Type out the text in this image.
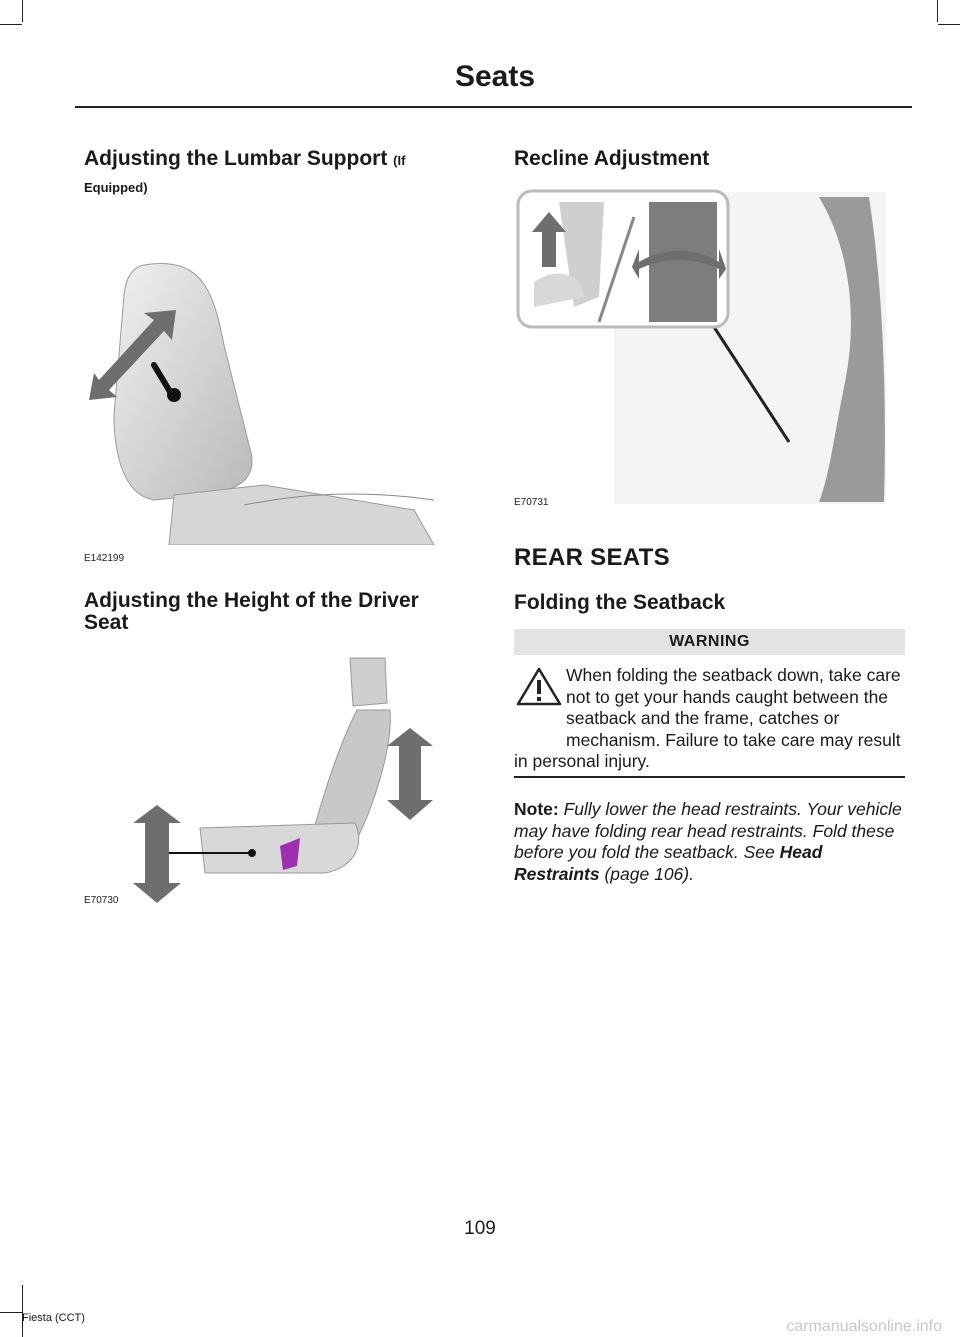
Seats
Adjusting the Lumbar Support (If
Equipped)
E142199
Adjusting the Height of the Driver
Seat
E70730
Recline Adjustment
E70731
REAR SEATS
Folding the Seatback
WARNING
When folding the seatback down, take care not to get your hands caught between the seatback and the frame, catches or mechanism. Failure to take care may result in personal injury.
Note: Fully lower the head restraints. Your vehicle may have folding rear head restraints. Fold these before you fold the seatback. See Head Restraints (page 106).
109
Fiesta (CCT)	carmanualsonline.info
